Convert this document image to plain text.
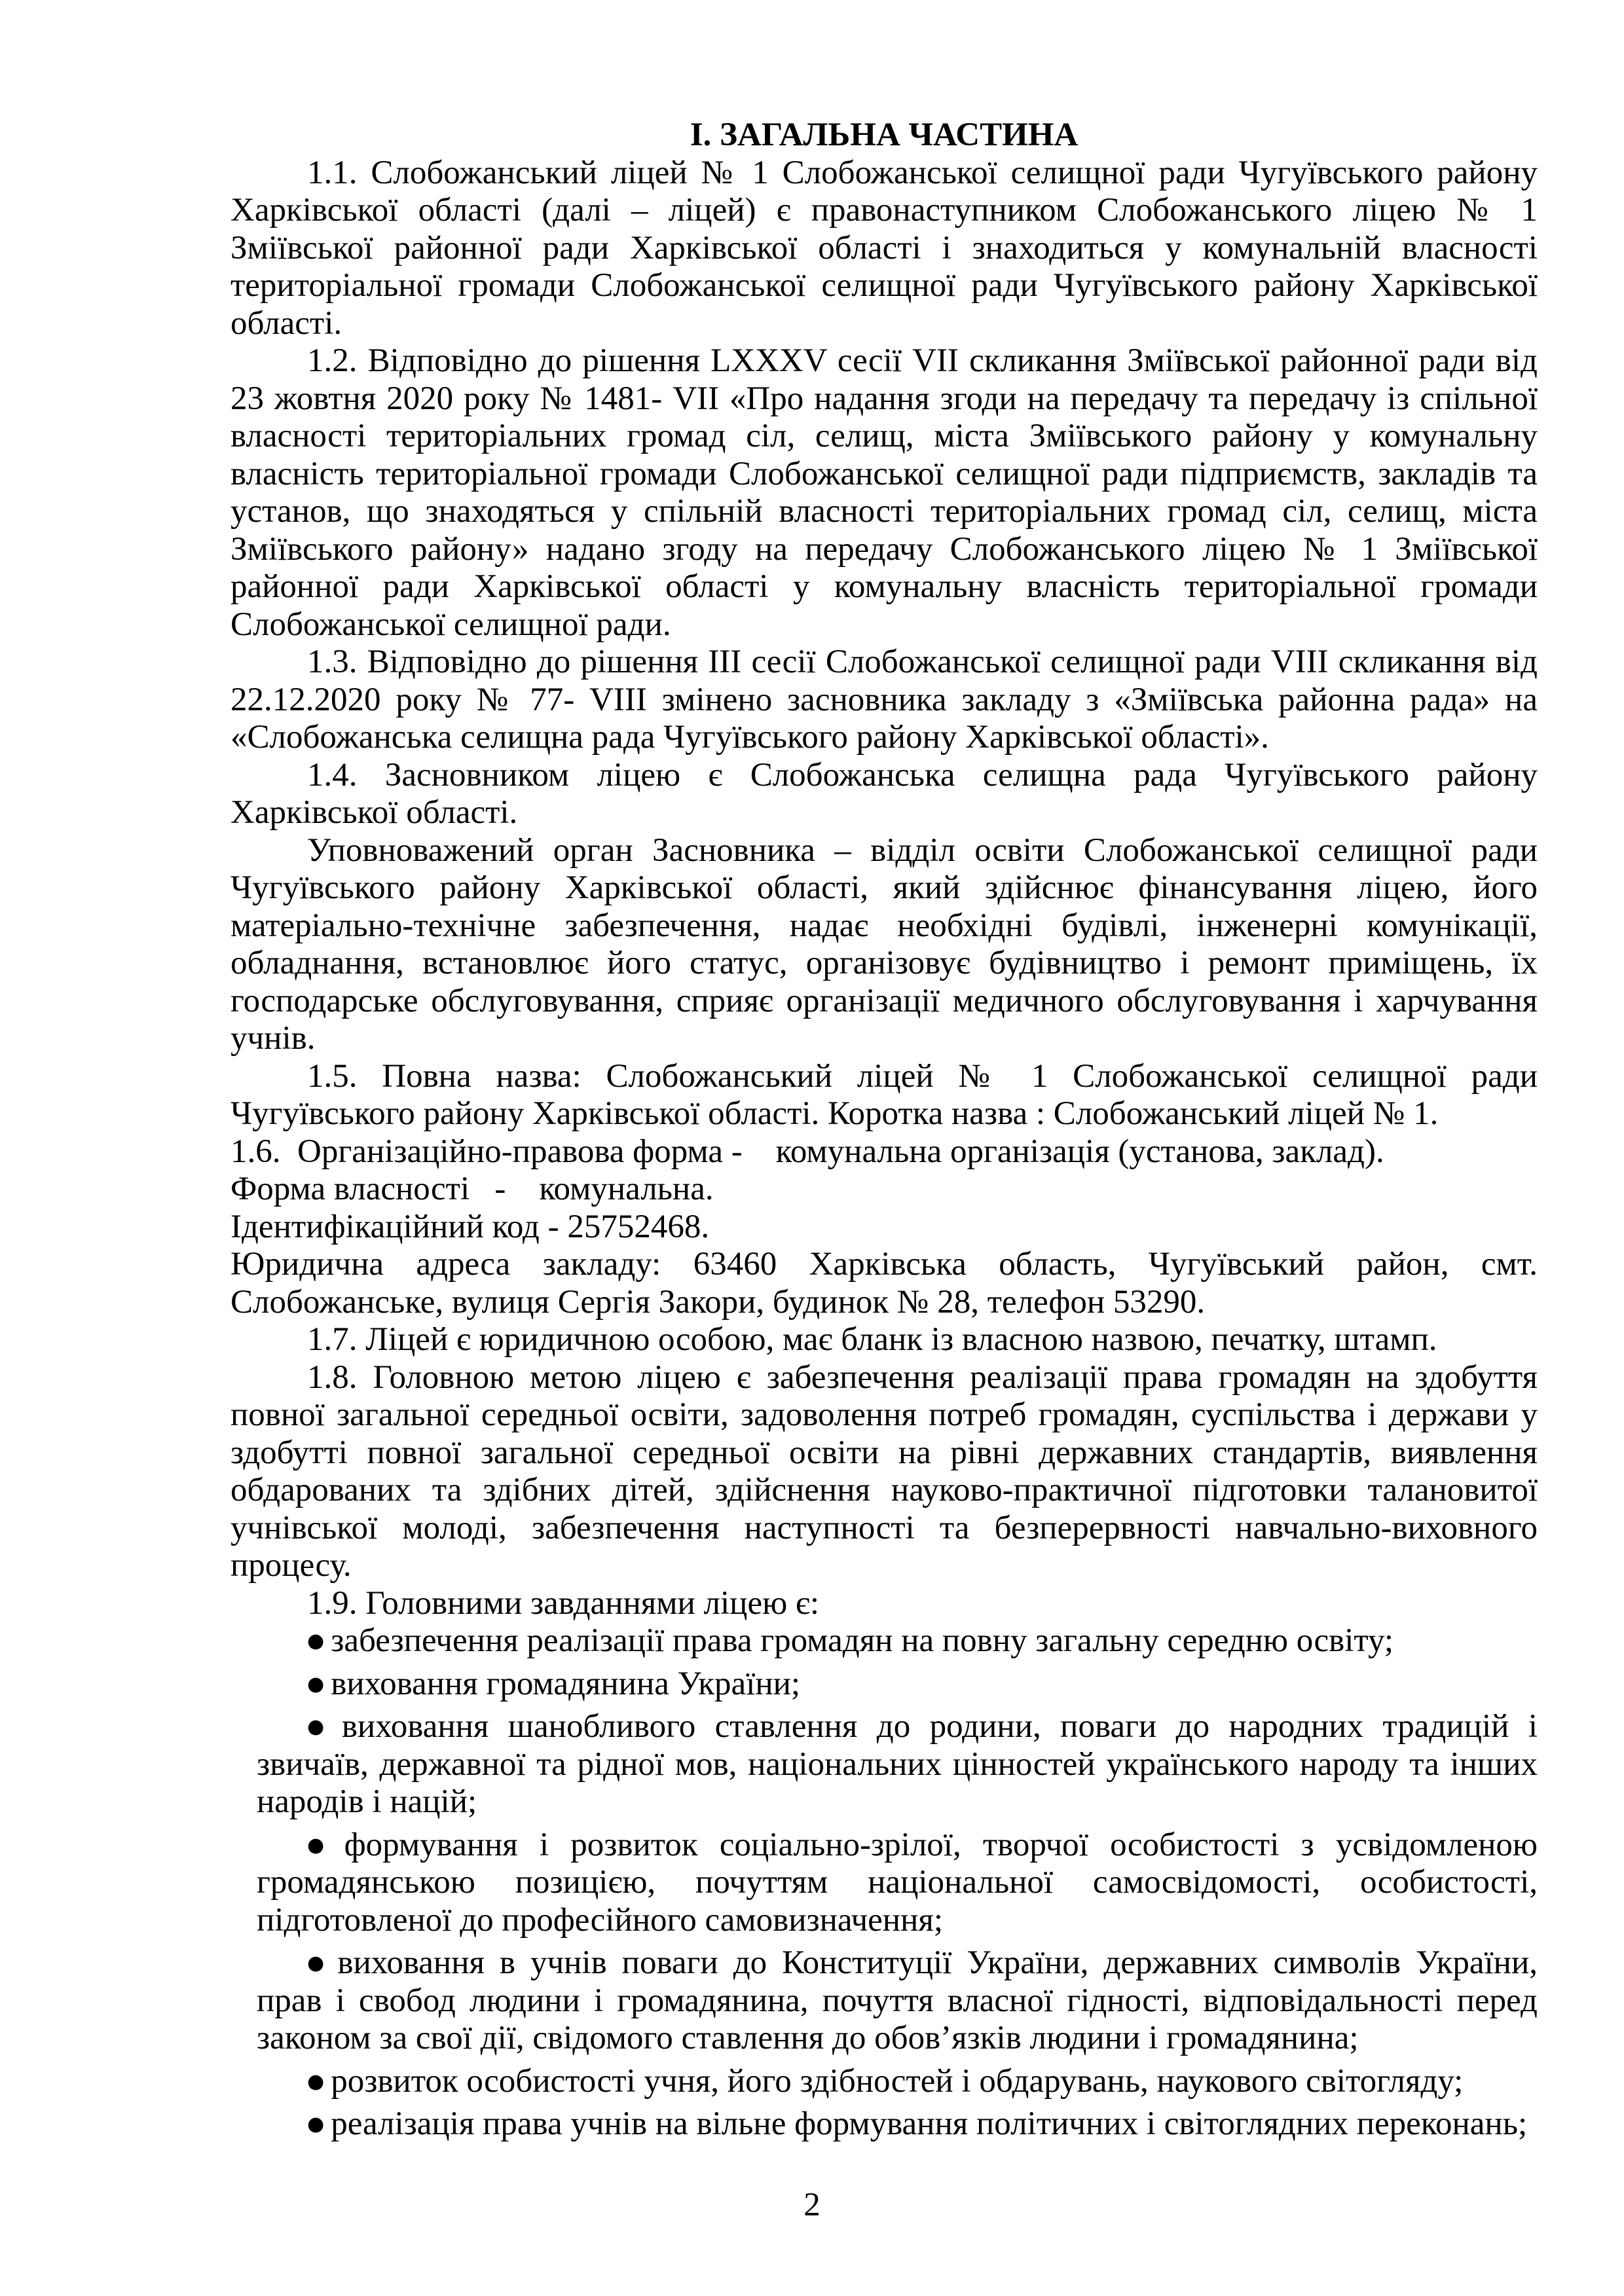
І. ЗАГАЛЬНА ЧАСТИНА

1.1. Слобожанський ліцей № 1 Слобожанської селищної ради Чугуївського району Харківської області (далі – ліцей) є правонаступником Слобожанського ліцею № 1 Зміївської районної ради Харківської області і знаходиться у комунальній власності територіальної громади Слобожанської селищної ради Чугуївського району Харківської області.

1.2. Відповідно до рішення LXXXV сесії VII скликання Зміївської районної ради від 23 жовтня 2020 року № 1481- VII «Про надання згоди на передачу та передачу із спільної власності територіальних громад сіл, селищ, міста Зміївського району у комунальну власність територіальної громади Слобожанської селищної ради підприємств, закладів та установ, що знаходяться у спільній власності територіальних громад сіл, селищ, міста Зміївського району» надано згоду на передачу Слобожанського ліцею № 1 Зміївської районної ради Харківської області у комунальну власність територіальної громади Слобожанської селищної ради.

1.3. Відповідно до рішення ІІІ сесії Слобожанської селищної ради VIII скликання від 22.12.2020 року № 77- VIII змінено засновника закладу з «Зміївська районна рада» на «Слобожанська селищна рада Чугуївського району Харківської області».

1.4. Засновником ліцею є Слобожанська селищна рада Чугуївського району Харківської області.

Уповноважений орган Засновника – відділ освіти Слобожанської селищної ради Чугуївського району Харківської області, який здійснює фінансування ліцею, його матеріально-технічне забезпечення, надає необхідні будівлі, інженерні комунікації, обладнання, встановлює його статус, організовує будівництво і ремонт приміщень, їх господарське обслуговування, сприяє організації медичного обслуговування і харчування учнів.

1.5. Повна назва: Слобожанський ліцей № 1 Слобожанської селищної ради Чугуївського району Харківської області. Коротка назва : Слобожанський ліцей № 1.

1.6.  Організаційно-правова форма -    комунальна організація (установа, заклад).

Форма власності   -    комунальна.

Ідентифікаційний код - 25752468.

Юридична адреса закладу: 63460 Харківська область, Чугуївський район, смт. Слобожанське, вулиця Сергія Закори, будинок № 28, телефон 53290.

1.7. Ліцей є юридичною особою, має бланк із власною назвою, печатку, штамп.

1.8. Головною метою ліцею є забезпечення реалізації права громадян на здобуття повної загальної середньої освіти, задоволення потреб громадян, суспільства і держави у здобутті повної загальної середньої освіти на рівні державних стандартів, виявлення обдарованих та здібних дітей, здійснення науково-практичної підготовки талановитої учнівської молоді, забезпечення наступності та безперервності навчально-виховного процесу.

1.9. Головними завданнями ліцею є:

● забезпечення реалізації права громадян на повну загальну середню освіту;

● виховання громадянина України;

● виховання шанобливого ставлення до родини, поваги до народних традицій і звичаїв, державної та рідної мов, національних цінностей українського народу та інших народів і націй;

● формування і розвиток соціально-зрілої, творчої особистості з усвідомленою громадянською позицією, почуттям національної самосвідомості, особистості, підготовленої до професійного самовизначення;

● виховання в учнів поваги до Конституції України, державних символів України, прав і свобод людини і громадянина, почуття власної гідності, відповідальності перед законом за свої дії, свідомого ставлення до обов’язків людини і громадянина;

● розвиток особистості учня, його здібностей і обдарувань, наукового світогляду;

● реалізація права учнів на вільне формування політичних і світоглядних переконань;

2
